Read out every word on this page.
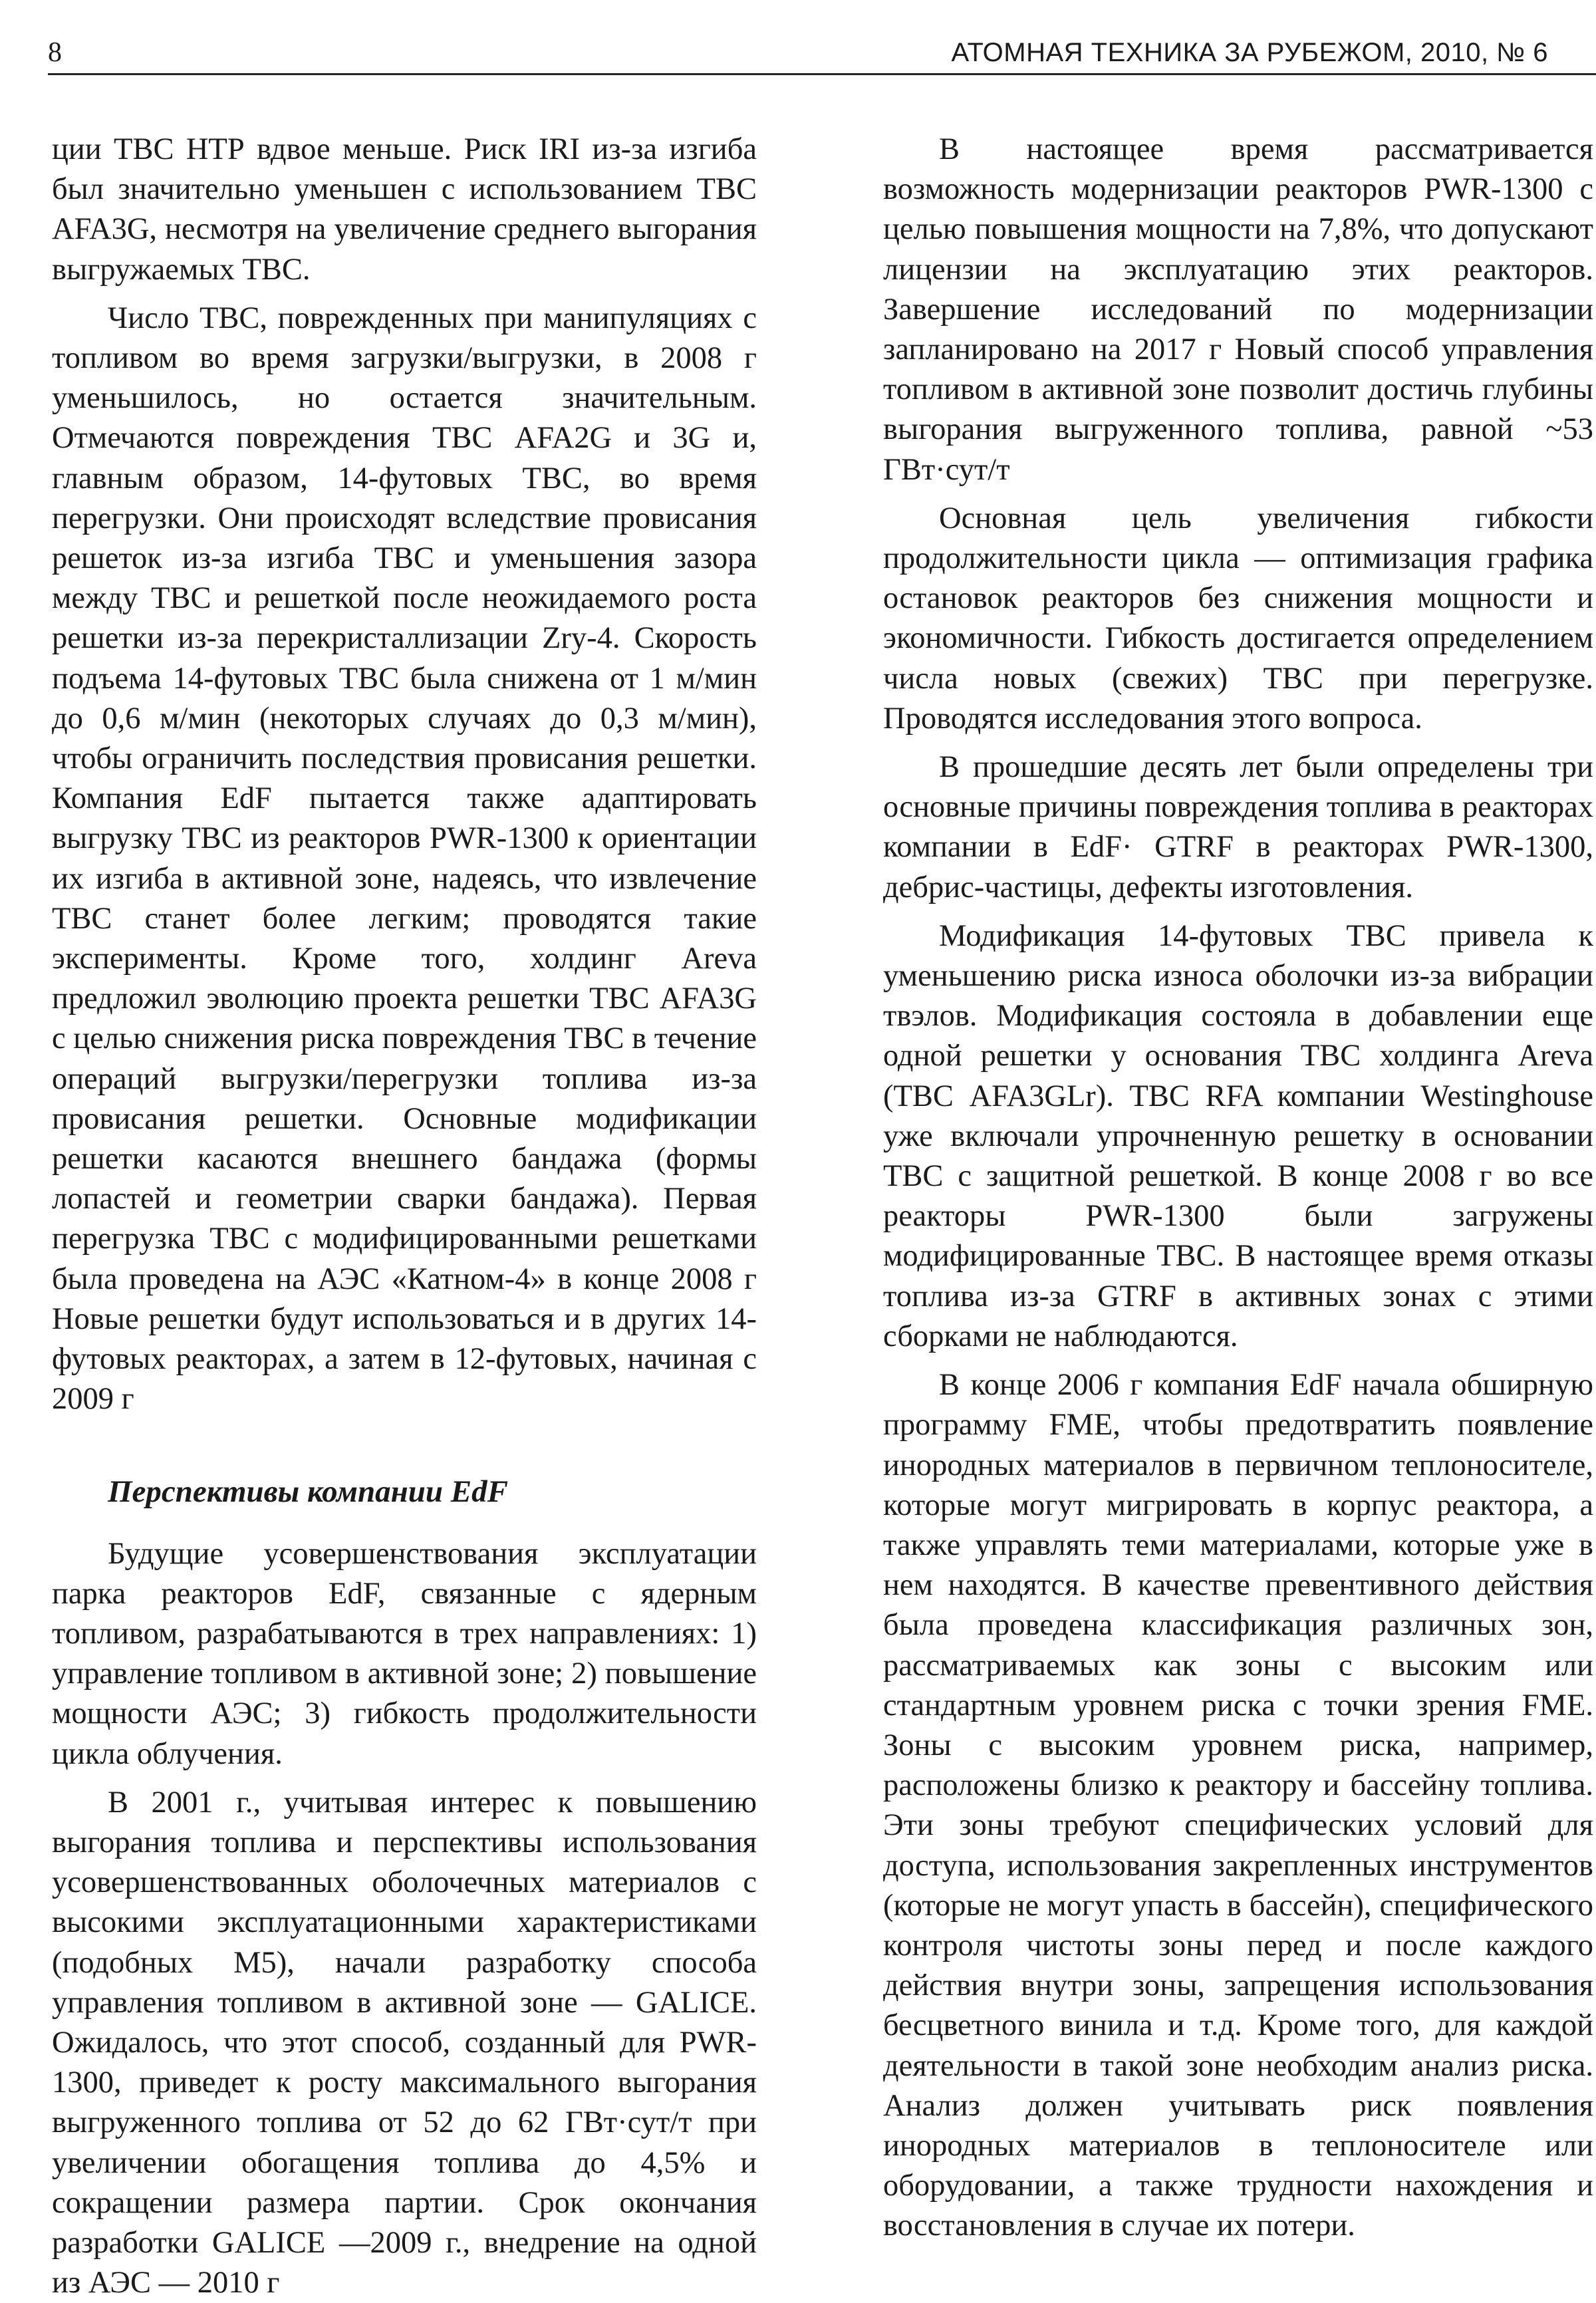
8	АТОМНАЯ ТЕХНИКА ЗА РУБЕЖОМ, 2010, № 6

ции ТВС НТР вдвое меньше. Риск IRI из-за изгиба был значительно уменьшен с использованием ТВС AFA3G, несмотря на увеличение среднего выгорания выгружаемых ТВС.

Число ТВС, поврежденных при манипуляциях с топливом во время загрузки/выгрузки, в 2008 г уменьшилось, но остается значительным. Отмечаются повреждения ТВС AFA2G и 3G и, главным образом, 14-футовых ТВС, во время перегрузки. Они происходят вследствие провисания решеток из-за изгиба ТВС и уменьшения зазора между ТВС и решеткой после неожидаемого роста решетки из-за перекристаллизации Zry-4. Скорость подъема 14-футовых ТВС была снижена от 1 м/мин до 0,6 м/мин (некоторых случаях до 0,3 м/мин), чтобы ограничить последствия провисания решетки. Компания EdF пытается также адаптировать выгрузку ТВС из реакторов PWR-1300 к ориентации их изгиба в активной зоне, надеясь, что извлечение ТВС станет более легким; проводятся такие эксперименты. Кроме того, холдинг Areva предложил эволюцию проекта решетки ТВС AFA3G с целью снижения риска повреждения ТВС в течение операций выгрузки/перегрузки топлива из-за провисания решетки. Основные модификации решетки касаются внешнего бандажа (формы лопастей и геометрии сварки бандажа). Первая перегрузка ТВС с модифицированными решетками была проведена на АЭС «Катном-4» в конце 2008 г Новые решетки будут использоваться и в других 14-футовых реакторах, а затем в 12-футовых, начиная с 2009 г

Перспективы компании EdF

Будущие усовершенствования эксплуатации парка реакторов EdF, связанные с ядерным топливом, разрабатываются в трех направлениях: 1) управление топливом в активной зоне; 2) повышение мощности АЭС; 3) гибкость продолжительности цикла облучения.

В 2001 г., учитывая интерес к повышению выгорания топлива и перспективы использования усовершенствованных оболочечных материалов с высокими эксплуатационными характеристиками (подобных М5), начали разработку способа управления топливом в активной зоне — GALICE. Ожидалось, что этот способ, созданный для PWR-1300, приведет к росту максимального выгорания выгруженного топлива от 52 до 62 ГВт·сут/т при увеличении обогащения топлива до 4,5% и сокращении размера партии. Срок окончания разработки GALICE —2009 г., внедрение на одной из АЭС — 2010 г

В настоящее время рассматривается возможность модернизации реакторов PWR-1300 с целью повышения мощности на 7,8%, что допускают лицензии на эксплуатацию этих реакторов. Завершение исследований по модернизации запланировано на 2017 г Новый способ управления топливом в активной зоне позволит достичь глубины выгорания выгруженного топлива, равной ~53 ГВт·сут/т

Основная цель увеличения гибкости продолжительности цикла — оптимизация графика остановок реакторов без снижения мощности и экономичности. Гибкость достигается определением числа новых (свежих) ТВС при перегрузке. Проводятся исследования этого вопроса.

В прошедшие десять лет были определены три основные причины повреждения топлива в реакторах компании в EdF· GTRF в реакторах PWR-1300, дебрис-частицы, дефекты изготовления.

Модификация 14-футовых ТВС привела к уменьшению риска износа оболочки из-за вибрации твэлов. Модификация состояла в добавлении еще одной решетки у основания ТВС холдинга Areva (ТВС AFA3GLr). ТВС RFA компании Westinghouse уже включали упрочненную решетку в основании ТВС с защитной решеткой. В конце 2008 г во все реакторы PWR-1300 были загружены модифицированные ТВС. В настоящее время отказы топлива из-за GTRF в активных зонах с этими сборками не наблюдаются.

В конце 2006 г компания EdF начала обширную программу FME, чтобы предотвратить появление инородных материалов в первичном теплоносителе, которые могут мигрировать в корпус реактора, а также управлять теми материалами, которые уже в нем находятся. В качестве превентивного действия была проведена классификация различных зон, рассматриваемых как зоны с высоким или стандартным уровнем риска с точки зрения FME. Зоны с высоким уровнем риска, например, расположены близко к реактору и бассейну топлива. Эти зоны требуют специфических условий для доступа, использования закрепленных инструментов (которые не могут упасть в бассейн), специфического контроля чистоты зоны перед и после каждого действия внутри зоны, запрещения использования бесцветного винила и т.д. Кроме того, для каждой деятельности в такой зоне необходим анализ риска. Анализ должен учитывать риск появления инородных материалов в теплоносителе или оборудовании, а также трудности нахождения и восстановления в случае их потери.
